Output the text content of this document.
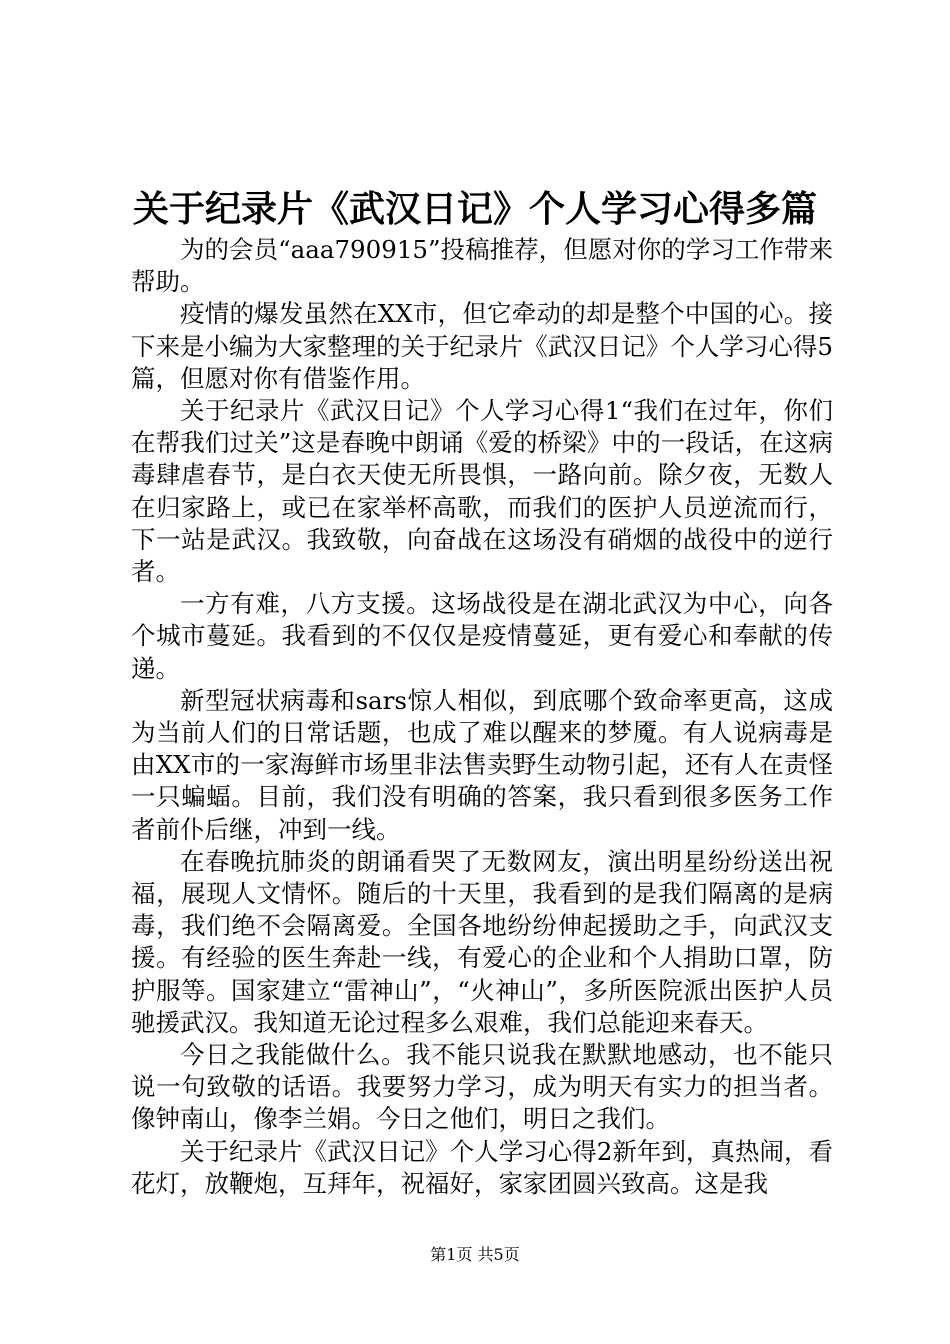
关于纪录片《武汉日记》个人学习心得多篇

为的会员“aaa790915”投稿推荐，但愿对你的学习工作带来帮助。

疫情的爆发虽然在XX市，但它牵动的却是整个中国的心。接下来是小编为大家整理的关于纪录片《武汉日记》个人学习心得5篇，但愿对你有借鉴作用。

关于纪录片《武汉日记》个人学习心得1“我们在过年，你们在帮我们过关”这是春晚中朗诵《爱的桥梁》中的一段话，在这病毒肆虐春节，是白衣天使无所畏惧，一路向前。除夕夜，无数人在归家路上，或已在家举杯高歌，而我们的医护人员逆流而行，下一站是武汉。我致敬，向奋战在这场没有硝烟的战役中的逆行者。

一方有难，八方支援。这场战役是在湖北武汉为中心，向各个城市蔓延。我看到的不仅仅是疫情蔓延，更有爱心和奉献的传递。

新型冠状病毒和sars惊人相似，到底哪个致命率更高，这成为当前人们的日常话题，也成了难以醒来的梦魇。有人说病毒是由XX市的一家海鲜市场里非法售卖野生动物引起，还有人在责怪一只蝙蝠。目前，我们没有明确的答案，我只看到很多医务工作者前仆后继，冲到一线。

在春晚抗肺炎的朗诵看哭了无数网友，演出明星纷纷送出祝福，展现人文情怀。随后的十天里，我看到的是我们隔离的是病毒，我们绝不会隔离爱。全国各地纷纷伸起援助之手，向武汉支援。有经验的医生奔赴一线，有爱心的企业和个人捐助口罩，防护服等。国家建立“雷神山”，“火神山”，多所医院派出医护人员驰援武汉。我知道无论过程多么艰难，我们总能迎来春天。

今日之我能做什么。我不能只说我在默默地感动，也不能只说一句致敬的话语。我要努力学习，成为明天有实力的担当者。像钟南山，像李兰娟。今日之他们，明日之我们。

关于纪录片《武汉日记》个人学习心得2新年到，真热闹，看花灯，放鞭炮，互拜年，祝福好，家家团圆兴致高。这是我

第1页 共5页
